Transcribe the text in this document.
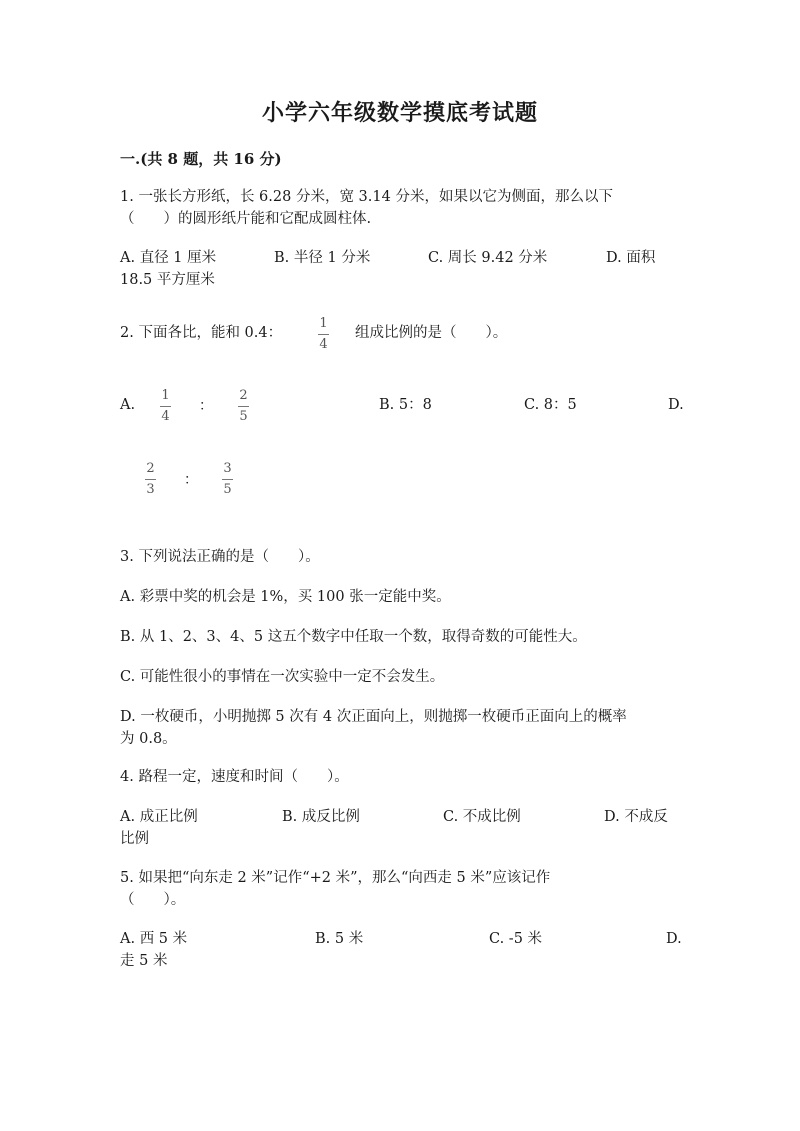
小学六年级数学摸底考试题
一.(共 8 题，共 16 分)
1. 一张长方形纸，长 6.28 分米，宽 3.14 分米，如果以它为侧面，那么以下
（　　）的圆形纸片能和它配成圆柱体.
A. 直径 1 厘米	B. 半径 1 分米	C. 周长 9.42 分米	D. 面积
18.5 平方厘米
2. 下面各比，能和 0.4：
1
4
组成比例的是（　　）。
A.
1
4
：
2
5
B. 5：8	C. 8：5	D.
2
3
：
3
5
3. 下列说法正确的是（　　）。
A. 彩票中奖的机会是 1%，买 100 张一定能中奖。
B. 从 1、2、3、4、5 这五个数字中任取一个数，取得奇数的可能性大。
C. 可能性很小的事情在一次实验中一定不会发生。
D. 一枚硬币，小明抛掷 5 次有 4 次正面向上，则抛掷一枚硬币正面向上的概率
为 0.8。
4. 路程一定，速度和时间（　　）。
A. 成正比例	B. 成反比例	C. 不成比例	D. 不成反
比例
5. 如果把“向东走 2 米”记作“+2 米”，那么“向西走 5 米”应该记作
（　　）。
A. 西 5 米	B. 5 米	C. -5 米	D.
走 5 米
